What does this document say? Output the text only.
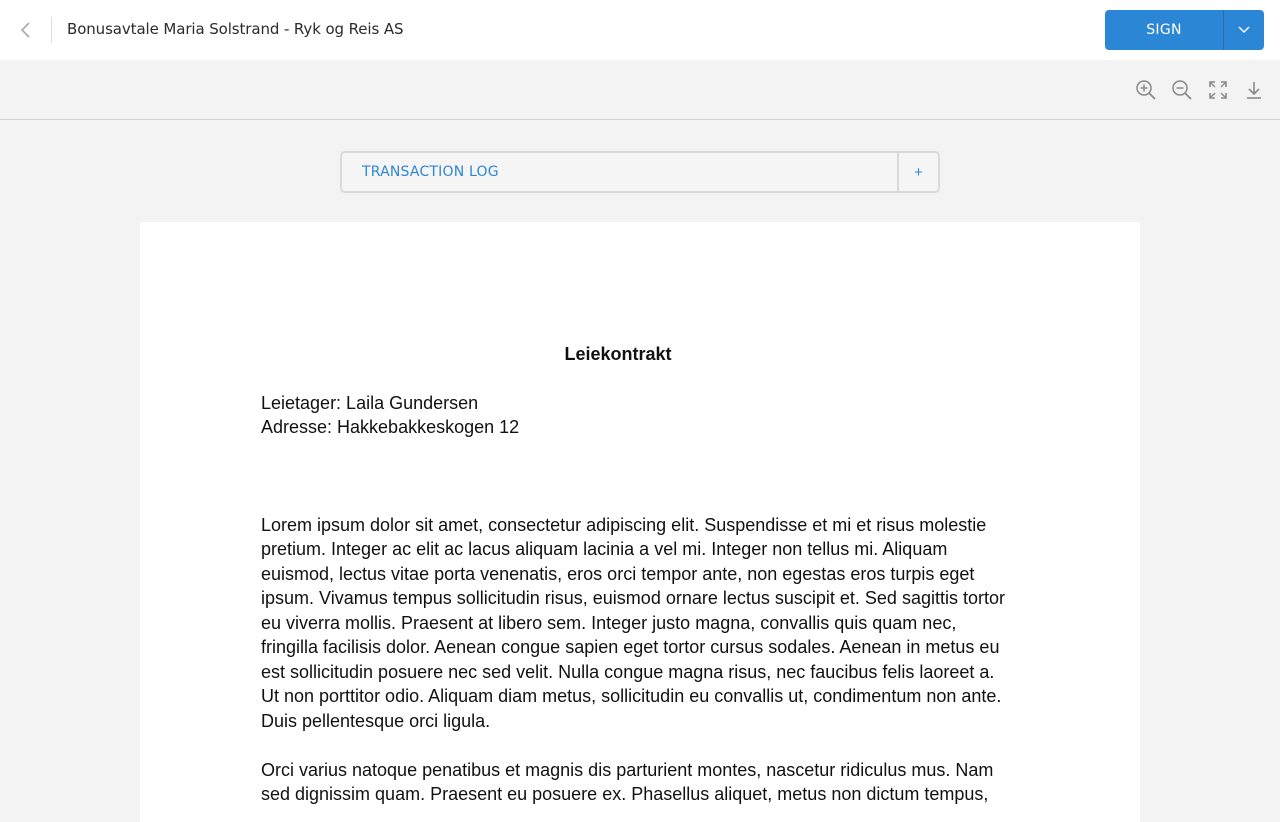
Bonusavtale Maria Solstrand - Ryk og Reis AS	SIGN
TRANSACTION LOG	+
Leiekontrakt
Leietager: Laila Gundersen
Adresse: Hakkebakkeskogen 12

Lorem ipsum dolor sit amet, consectetur adipiscing elit. Suspendisse et mi et risus molestie pretium. Integer ac elit ac lacus aliquam lacinia a vel mi. Integer non tellus mi. Aliquam euismod, lectus vitae porta venenatis, eros orci tempor ante, non egestas eros turpis eget ipsum. Vivamus tempus sollicitudin risus, euismod ornare lectus suscipit et. Sed sagittis tortor eu viverra mollis. Praesent at libero sem. Integer justo magna, convallis quis quam nec, fringilla facilisis dolor. Aenean congue sapien eget tortor cursus sodales. Aenean in metus eu est sollicitudin posuere nec sed velit. Nulla congue magna risus, nec faucibus felis laoreet a. Ut non porttitor odio. Aliquam diam metus, sollicitudin eu convallis ut, condimentum non ante. Duis pellentesque orci ligula.

Orci varius natoque penatibus et magnis dis parturient montes, nascetur ridiculus mus. Nam sed dignissim quam. Praesent eu posuere ex. Phasellus aliquet, metus non dictum tempus,
